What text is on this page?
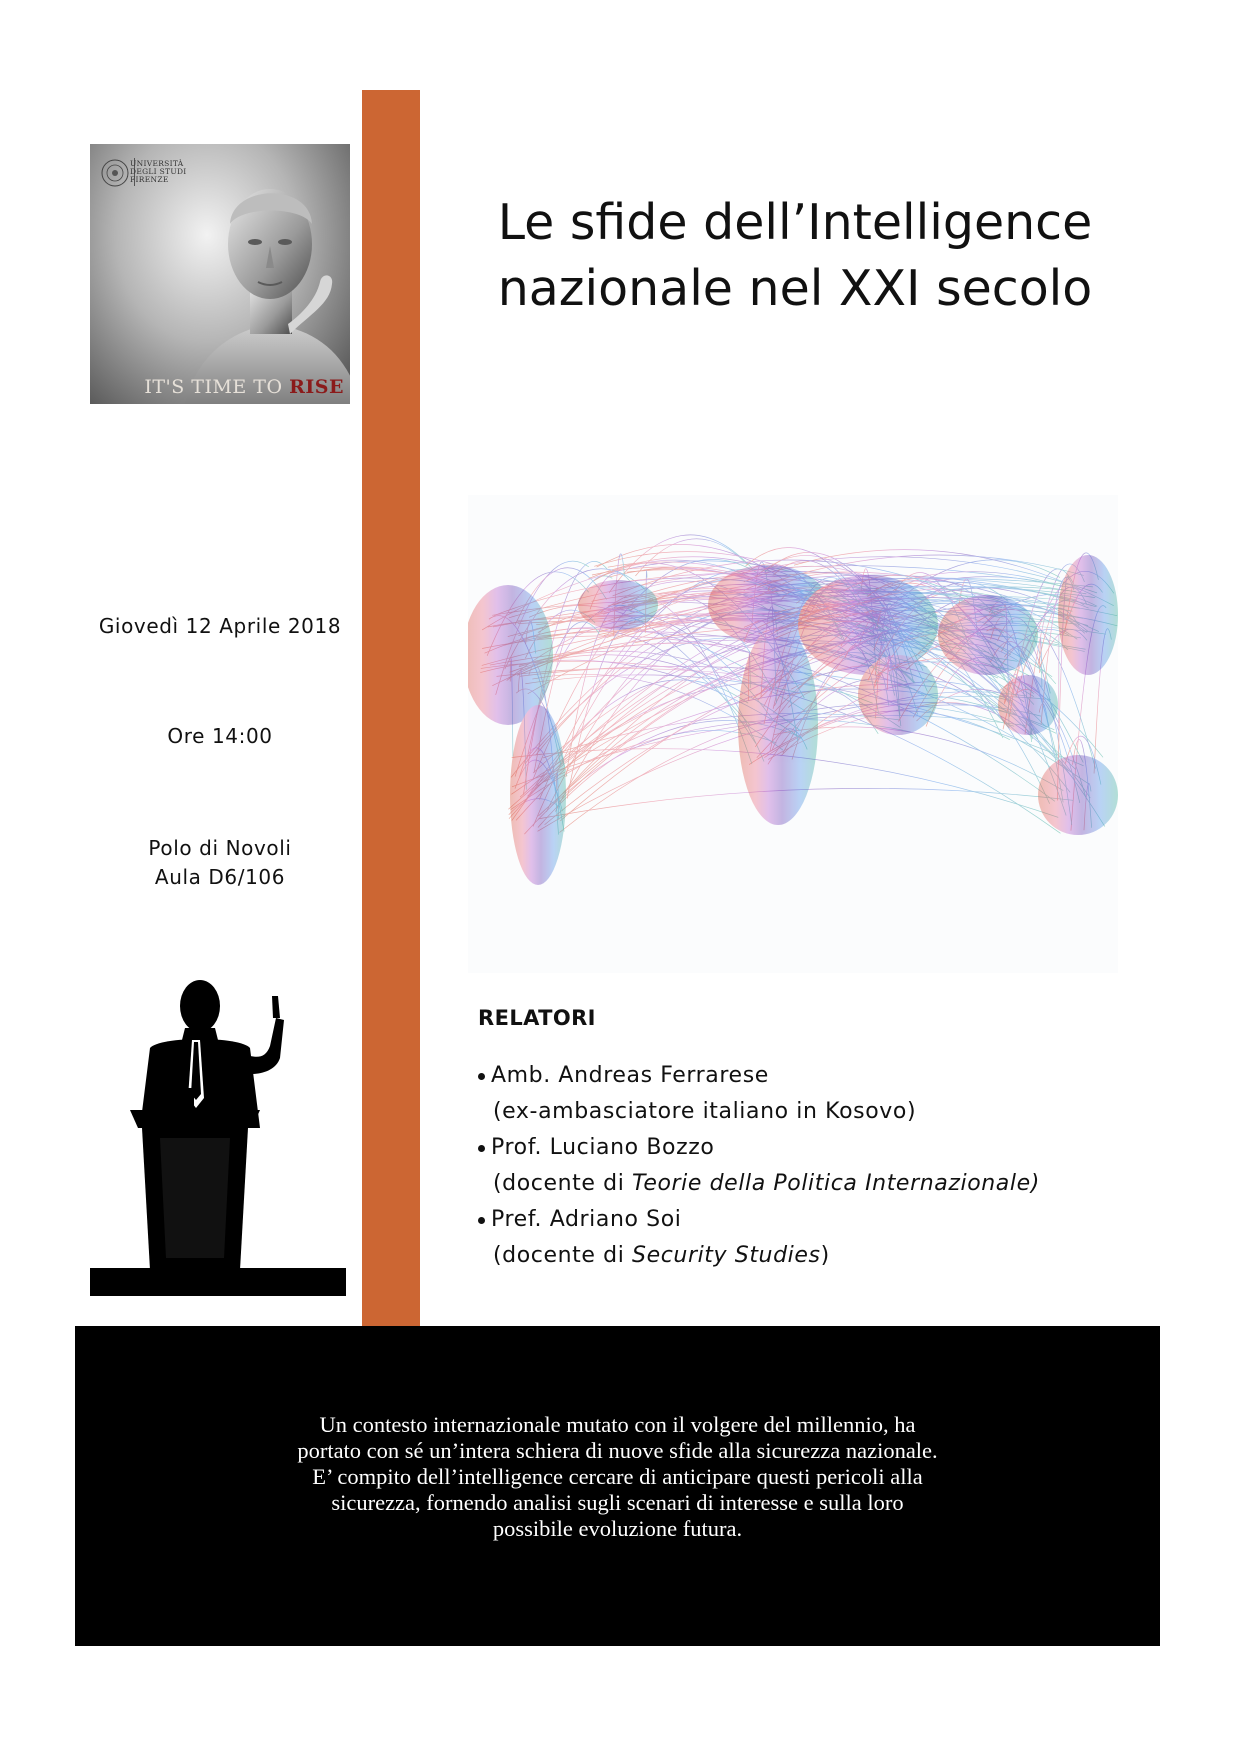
UNIVERSITÀ
DEGLI STUDI
FIRENZE
IT'S TIME TO RISE
Giovedì 12 Aprile 2018
Ore 14:00
Polo di Novoli
Aula D6/106
Le sfide dell’Intelligence
nazionale nel XXI secolo
RELATORI
Amb. Andreas Ferrarese
(ex-ambasciatore italiano in Kosovo)
Prof. Luciano Bozzo
(docente di Teorie della Politica Internazionale)
Pref. Adriano Soi
(docente di Security Studies)
Un contesto internazionale mutato con il volgere del millennio, ha
portato con sé un’intera schiera di nuove sfide alla sicurezza nazionale.
E’ compito dell’intelligence cercare di anticipare questi pericoli alla
sicurezza, fornendo analisi sugli scenari di interesse e sulla loro
possibile evoluzione futura.
